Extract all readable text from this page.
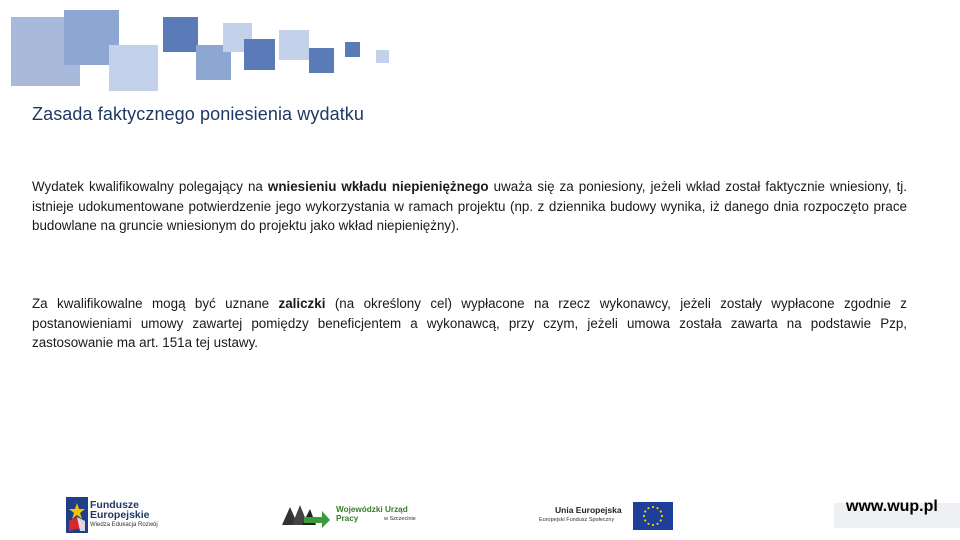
Zasada faktycznego poniesienia wydatku
Wydatek kwalifikowalny polegający na wniesieniu wkładu niepieniężnego uważa się za poniesiony, jeżeli wkład został faktycznie wniesiony, tj. istnieje udokumentowane potwierdzenie jego wykorzystania w ramach projektu (np. z dziennika budowy wynika, iż danego dnia rozpoczęto prace budowlane na gruncie wniesionym do projektu jako wkład niepieniężny).
Za kwalifikowalne mogą być uznane zaliczki (na określony cel) wypłacone na rzecz wykonawcy, jeżeli zostały wypłacone zgodnie z postanowieniami umowy zawartej pomiędzy beneficjentem a wykonawcą, przy czym, jeżeli umowa została zawarta na podstawie Pzp, zastosowanie ma art. 151a tej ustawy.
Fundusze
Europejskie
Wiedza Edukacja Rozwój
Wojewódzki Urząd Pracy	w Szczecinie
Unia Europejska
Europejski Fundusz Społeczny
www.wup.pl
